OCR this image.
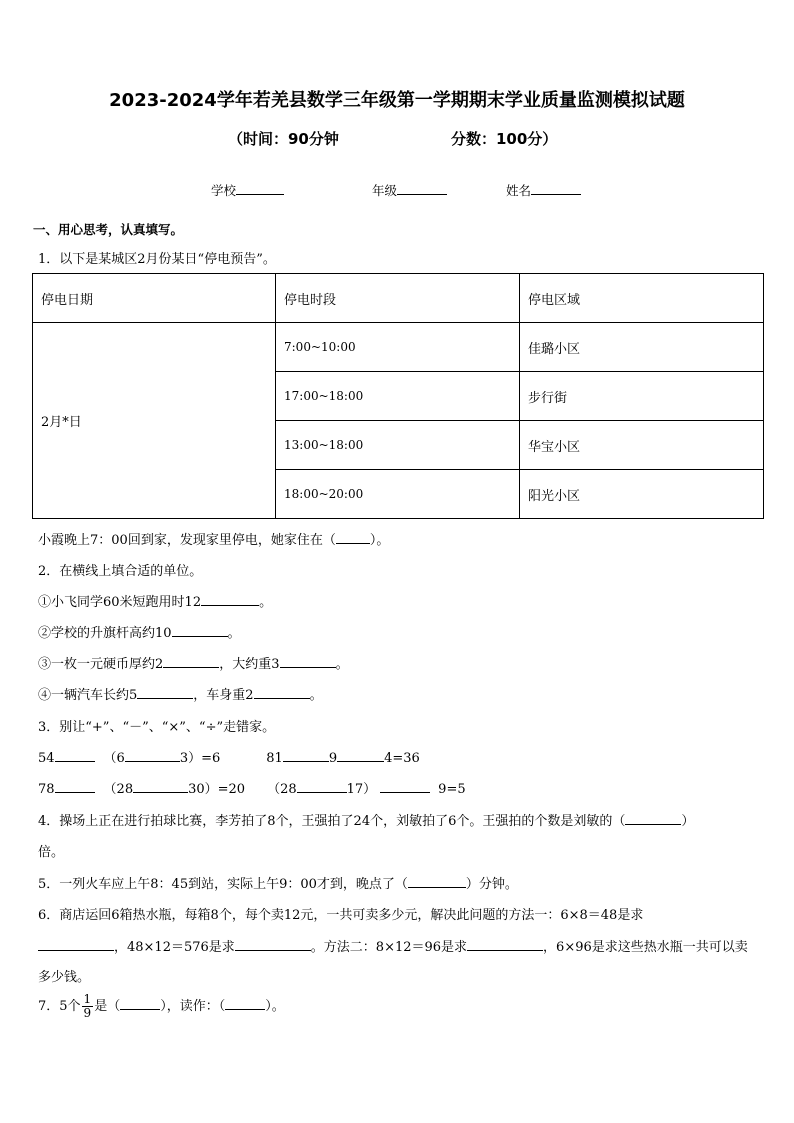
2023-2024学年若羌县数学三年级第一学期期末学业质量监测模拟试题
（时间：90分钟	分数：100分）
学校	年级	姓名
一、用心思考，认真填写。
1．以下是某城区2月份某日“停电预告”。
停电日期	停电时段	停电区域
2月*日	7:00~10:00	佳璐小区
	17:00~18:00	步行街
	13:00~18:00	华宝小区
	18:00~20:00	阳光小区
小霞晚上7：00回到家，发现家里停电，她家住在（	）。
2．在横线上填合适的单位。
①小飞同学60米短跑用时12	。
②学校的升旗杆高约10	。
③一枚一元硬币厚约2	，大约重3	。
④一辆汽车长约5	，车身重2	。
3．别让“+”、“－”、“×”、“÷”走错家。
54	（6	3）=6	81	9	4=36
78	（28	30）=20 （28	17）	9=5
4．操场上正在进行拍球比赛，李芳拍了8个，王强拍了24个，刘敏拍了6个。王强拍的个数是刘敏的（	）
倍。
5．一列火车应上午8：45到站，实际上午9：00才到，晚点了（	）分钟。
6．商店运回6箱热水瓶，每箱8个，每个卖12元，一共可卖多少元，解决此问题的方法一：6×8＝48是求
，48×12＝576是求	。方法二：8×12＝96是求	，6×96是求这些热水瓶一共可以卖
多少钱。
7．5个 $\frac{1}{9}$ 是（	），读作：（	）。
